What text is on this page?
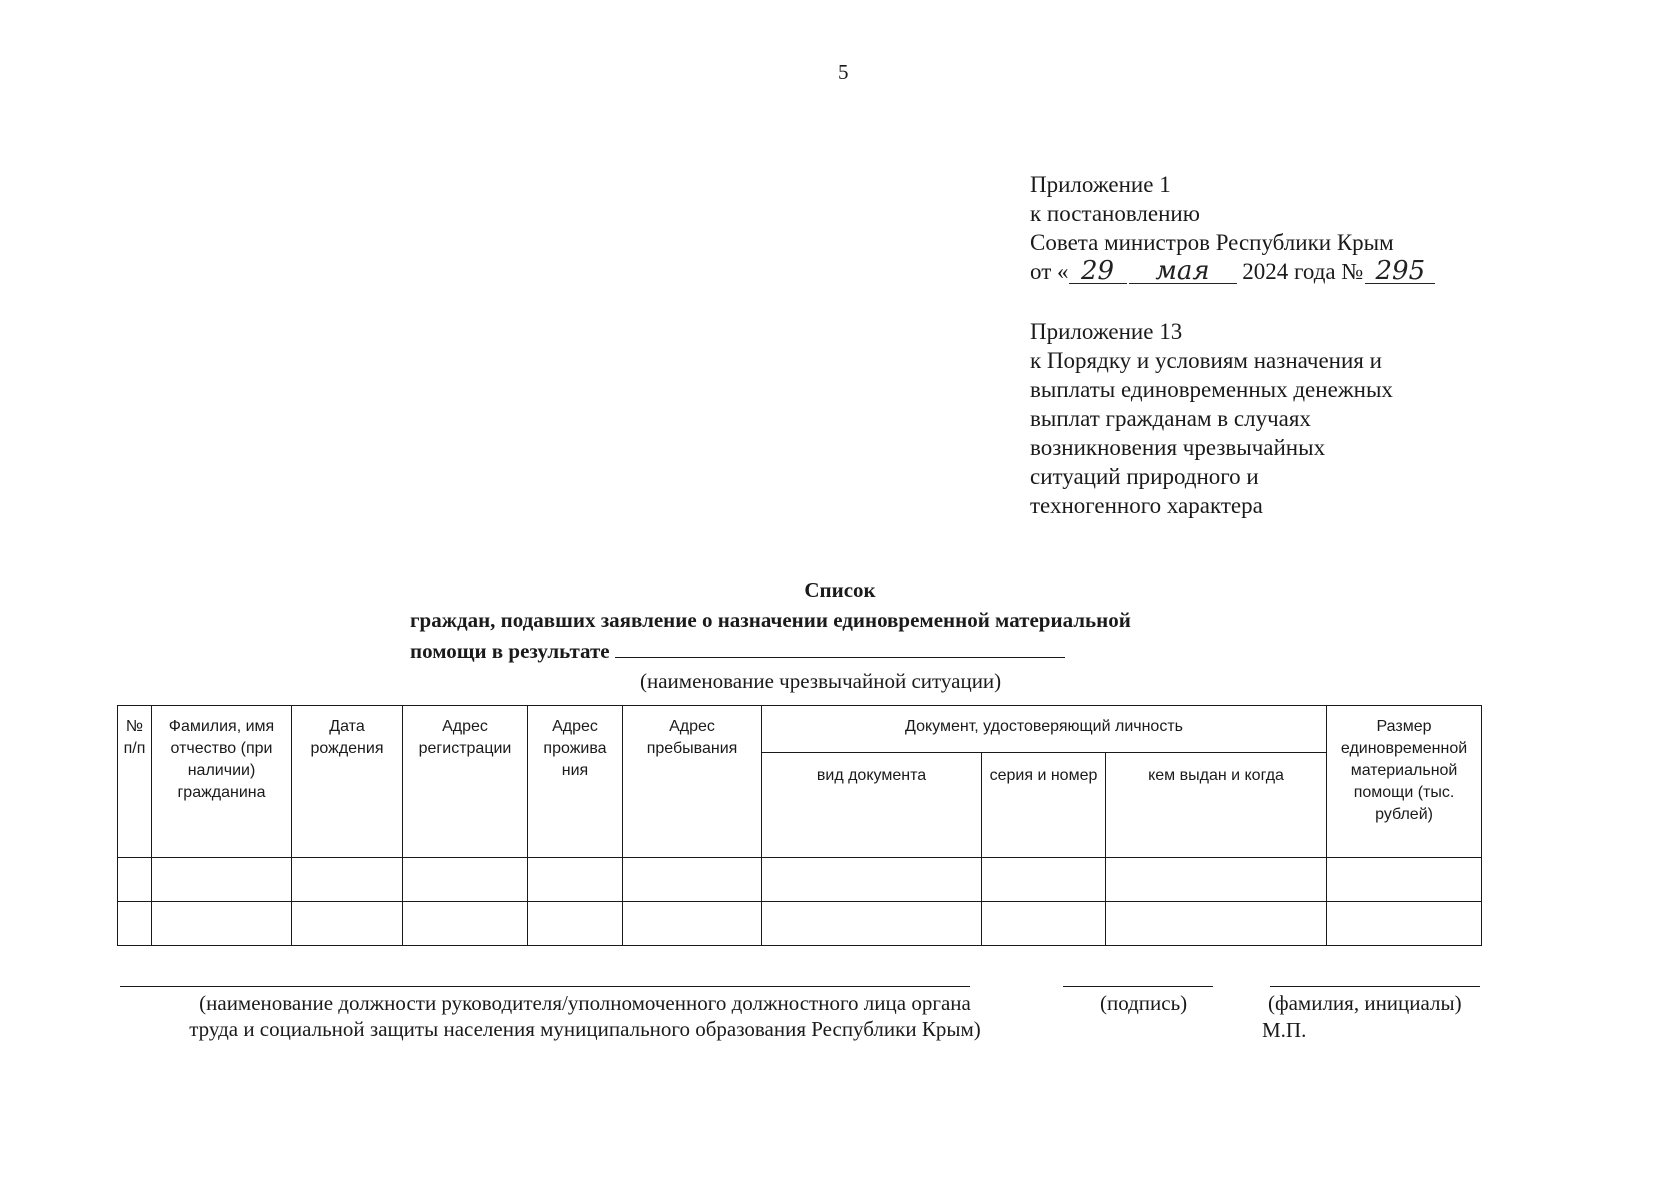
5
Приложение 1
к постановлению
Совета министров Республики Крым
от « 29 мая 2024 года № 295
Приложение 13
к Порядку и условиям назначения и
выплаты единовременных денежных
выплат гражданам в случаях
возникновения чрезвычайных
ситуаций природного и
техногенного характера
Список
граждан, подавших заявление о назначении единовременной материальной
помощи в результате
(наименование чрезвычайной ситуации)
№ п/п	Фамилия, имя отчество (при наличии) гражданина	Дата рождения	Адрес регистрации	Адрес прожива ния	Адрес пребывания	Документ, удостоверяющий личность			Размер единовременной материальной помощи (тыс. рублей)
						вид документа	серия и номер	кем выдан и когда	

(наименование должности руководителя/уполномоченного должностного лица органа
труда и социальной защиты населения муниципального образования Республики Крым)
(подпись)	(фамилия, инициалы)
М.П.
